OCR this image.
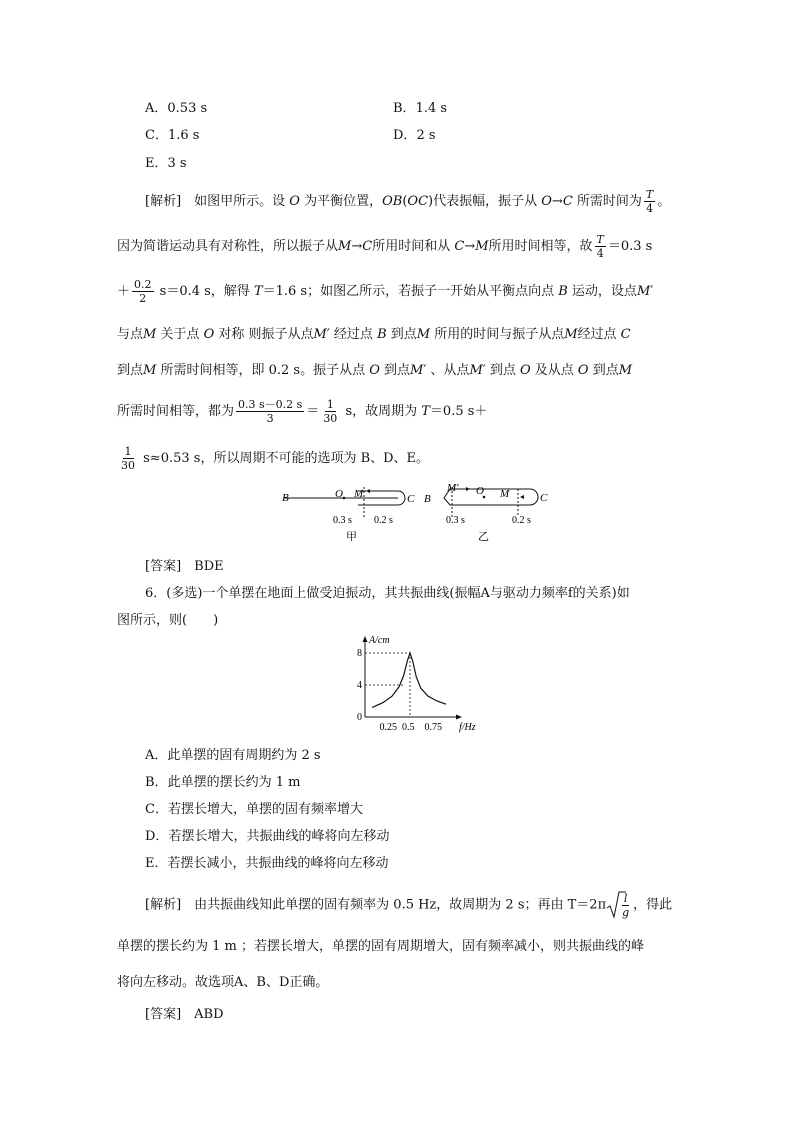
A．0.53 s	B．1.4 s
C．1.6 s	D．2 s
E．3 s
[解析]　如图甲所示。设 O 为平衡位置，OB(OC)代表振幅，振子从 O→C 所需时间为 $\frac{T}{4}$ 。
因为简谐运动具有对称性，所以振子从M→C所用时间和从 C→M所用时间相等，故 $\frac{T}{4} =0.3$ s
＋ $\frac{0.2}{2} s=0.4$ s，解得 T＝1.6 s；如图乙所示，若振子一开始从平衡点向点 B 运动，设点M′
与点M 关于点 O 对称 则振子从点M′ 经过点 B 到点M 所用的时间与振子从点M经过点 C
到点M 所需时间相等，即 0.2 s。振子从点 O 到点M′ 、从点M′ 到点 O 及从点 O 到点M
所需时间相等，都为 $\frac{0.3 s-0.2 s}{3} = \frac{1}{30}$ s，故周期为 T＝0.5 s＋
$\frac{1}{30} s\approx 0.53$ s，所以周期不可能的选项为 B、D、E。
B	O M	C
0.3 s 0.2 s
甲
B
M′ O M	C
0.3 s	0.2 s
乙
[答案]　 BDE
6．(多选)一个单摆在地面上做受迫振动，其共振曲线(振幅A与驱动力频率f的关系)如
图所示，则(　　)
0
4
8
0.25 0.5 0.75
A/cm
f/Hz
A．此单摆的固有周期约为 2 s
B．此单摆的摆长约为 1 m
C．若摆长增大，单摆的固有频率增大
D．若摆长增大，共振曲线的峰将向左移动
E．若摆长减小，共振曲线的峰将向左移动
[解析]　 由共振曲线知此单摆的固有频率为 0.5 Hz，故周期为 2 s；再由 $T=2\pi \frac{l}{g}$ ，得此
单摆的摆长约为 1 m ；若摆长增大，单摆的固有周期增大，固有频率减小，则共振曲线的峰
将向左移动。故选项A、B、D正确。
[答案]　 ABD
